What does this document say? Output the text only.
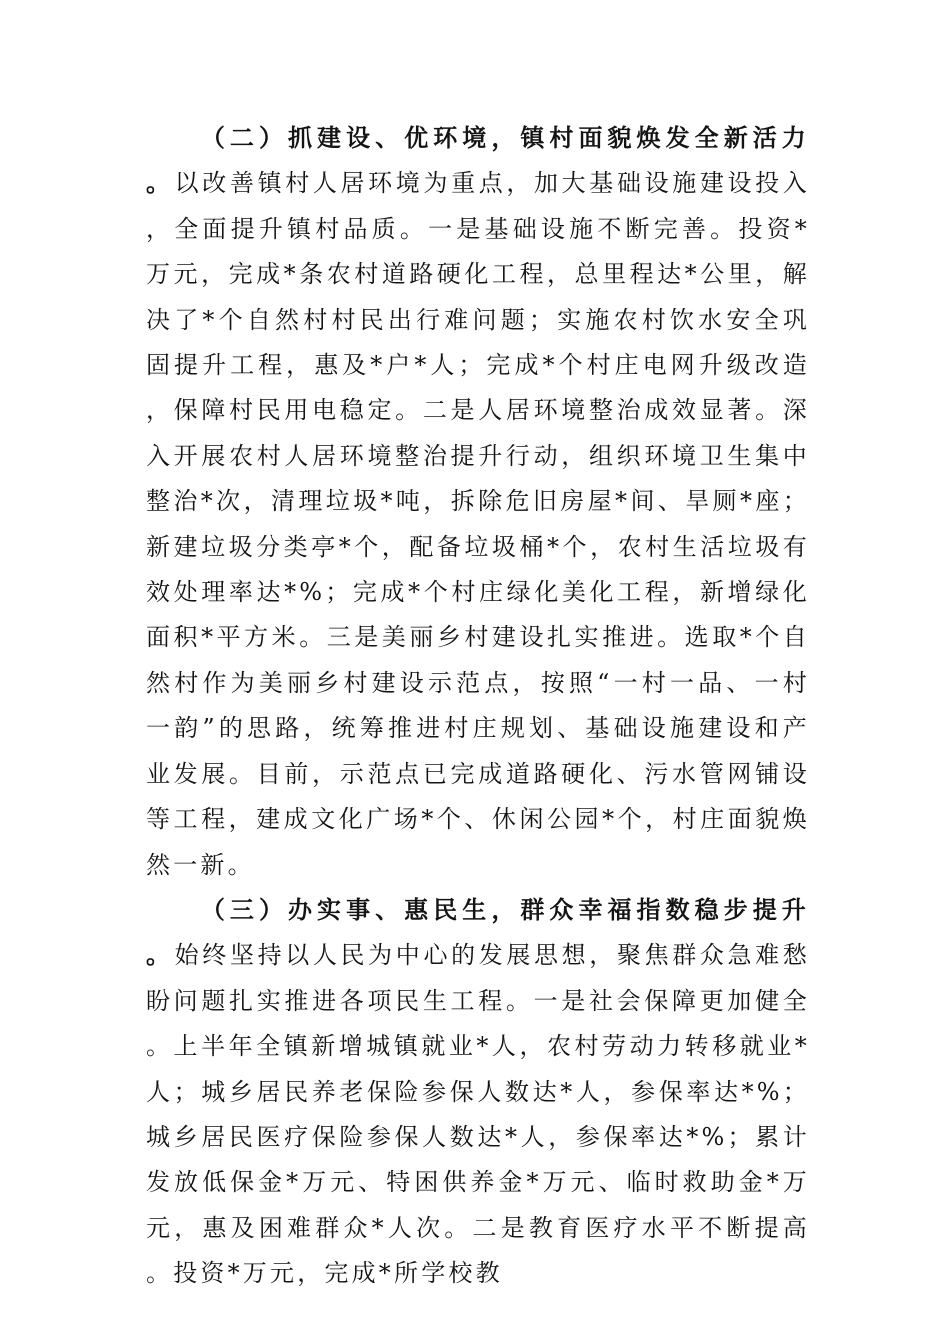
（二）抓建设、优环境，镇村面貌焕发全新活力。以改善镇村人居环境为重点，加大基础设施建设投入，全面提升镇村品质。一是基础设施不断完善。投资*万元，完成*条农村道路硬化工程，总里程达*公里，解决了*个自然村村民出行难问题；实施农村饮水安全巩固提升工程，惠及*户*人；完成*个村庄电网升级改造，保障村民用电稳定。二是人居环境整治成效显著。深入开展农村人居环境整治提升行动，组织环境卫生集中整治*次，清理垃圾*吨，拆除危旧房屋*间、旱厕*座；新建垃圾分类亭*个，配备垃圾桶*个，农村生活垃圾有效处理率达*%；完成*个村庄绿化美化工程，新增绿化面积*平方米。三是美丽乡村建设扎实推进。选取*个自然村作为美丽乡村建设示范点，按照“一村一品、一村一韵”的思路，统筹推进村庄规划、基础设施建设和产业发展。目前，示范点已完成道路硬化、污水管网铺设等工程，建成文化广场*个、休闲公园*个，村庄面貌焕然一新。

（三）办实事、惠民生，群众幸福指数稳步提升。始终坚持以人民为中心的发展思想，聚焦群众急难愁盼问题扎实推进各项民生工程。一是社会保障更加健全。上半年全镇新增城镇就业*人，农村劳动力转移就业*人；城乡居民养老保险参保人数达*人，参保率达*%；城乡居民医疗保险参保人数达*人，参保率达*%；累计发放低保金*万元、特困供养金*万元、临时救助金*万元，惠及困难群众*人次。二是教育医疗水平不断提高。投资*万元，完成*所学校教
